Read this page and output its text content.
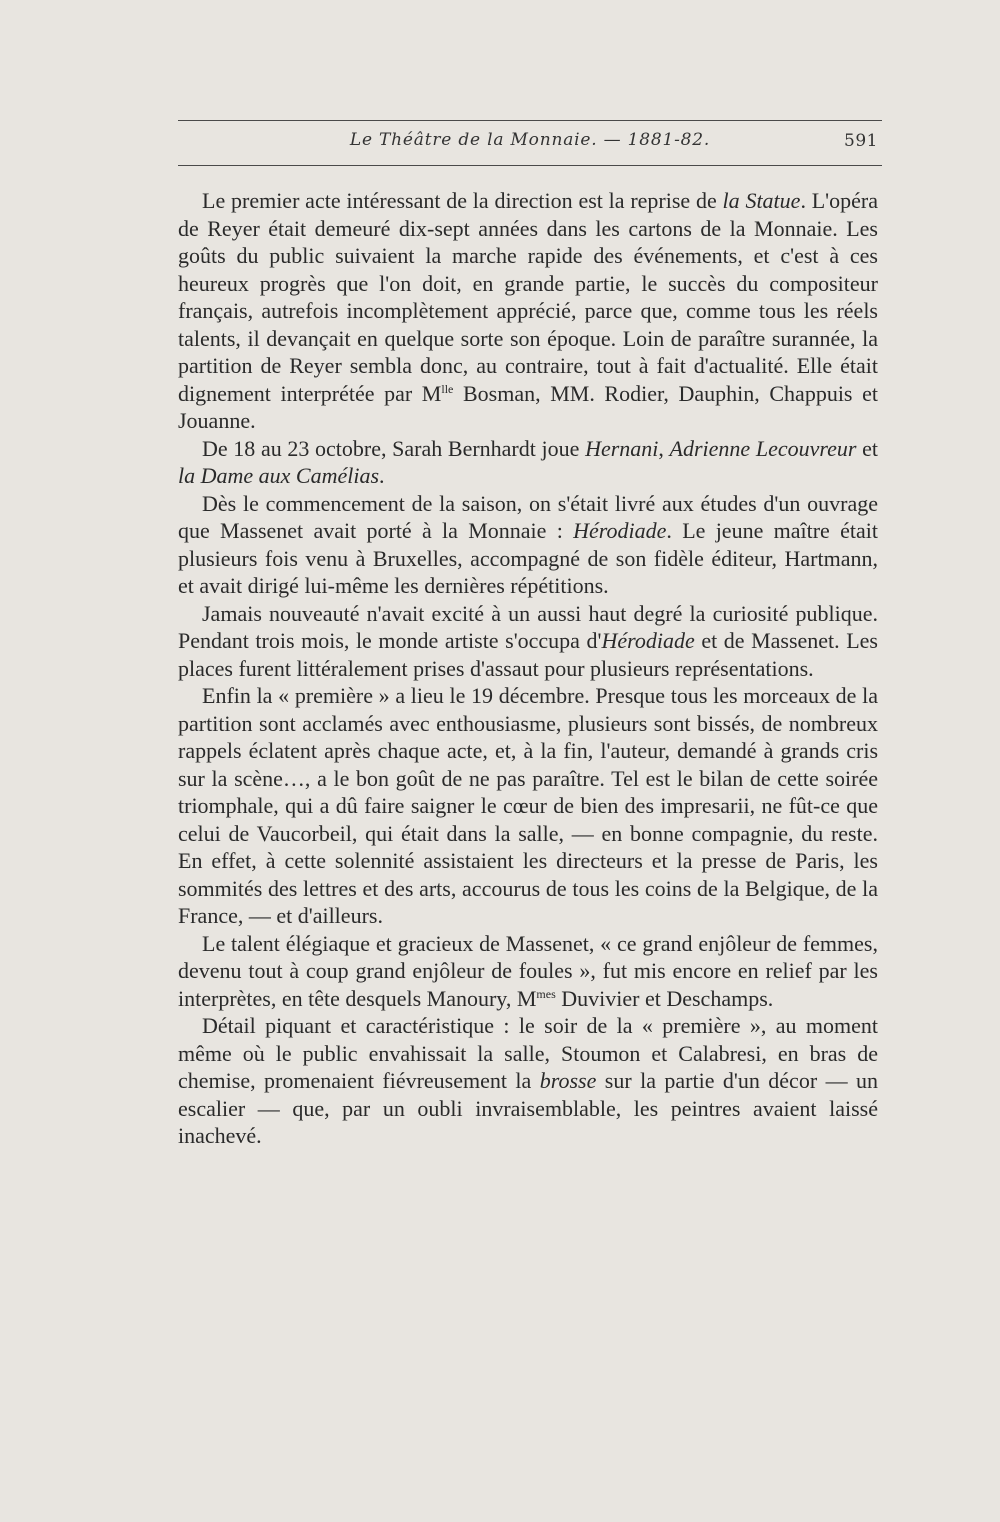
Le Théâtre de la Monnaie. — 1881-82.	591

Le premier acte intéressant de la direction est la reprise de la Statue. L'opéra de Reyer était demeuré dix-sept années dans les cartons de la Monnaie. Les goûts du public suivaient la marche rapide des événements, et c'est à ces heureux progrès que l'on doit, en grande partie, le succès du compositeur français, autrefois incomplètement apprécié, parce que, comme tous les réels talents, il devançait en quelque sorte son époque. Loin de paraître surannée, la partition de Reyer sembla donc, au contraire, tout à fait d'actualité. Elle était dignement interprétée par $M^{lle}$ Bosman, MM. Rodier, Dauphin, Chappuis et Jouanne.

De 18 au 23 octobre, Sarah Bernhardt joue Hernani, Adrienne Lecouvreur et la Dame aux Camélias.

Dès le commencement de la saison, on s'était livré aux études d'un ouvrage que Massenet avait porté à la Monnaie : Hérodiade. Le jeune maître était plusieurs fois venu à Bruxelles, accompagné de son fidèle éditeur, Hartmann, et avait dirigé lui-même les dernières répétitions.

Jamais nouveauté n'avait excité à un aussi haut degré la curiosité publique. Pendant trois mois, le monde artiste s'occupa d'Hérodiade et de Massenet. Les places furent littéralement prises d'assaut pour plusieurs représentations.

Enfin la « première » a lieu le 19 décembre. Presque tous les morceaux de la partition sont acclamés avec enthousiasme, plusieurs sont bissés, de nombreux rappels éclatent après chaque acte, et, à la fin, l'auteur, demandé à grands cris sur la scène…, a le bon goût de ne pas paraître. Tel est le bilan de cette soirée triomphale, qui a dû faire saigner le cœur de bien des impresarii, ne fût-ce que celui de Vaucorbeil, qui était dans la salle, — en bonne compagnie, du reste. En effet, à cette solennité assistaient les directeurs et la presse de Paris, les sommités des lettres et des arts, accourus de tous les coins de la Belgique, de la France, — et d'ailleurs.

Le talent élégiaque et gracieux de Massenet, « ce grand enjôleur de femmes, devenu tout à coup grand enjôleur de foules », fut mis encore en relief par les interprètes, en tête desquels Manoury, $M^{mes}$ Duvivier et Deschamps.

Détail piquant et caractéristique : le soir de la « première », au moment même où le public envahissait la salle, Stoumon et Calabresi, en bras de chemise, promenaient fiévreusement la brosse sur la partie d'un décor — un escalier — que, par un oubli invraisemblable, les peintres avaient laissé inachevé.
